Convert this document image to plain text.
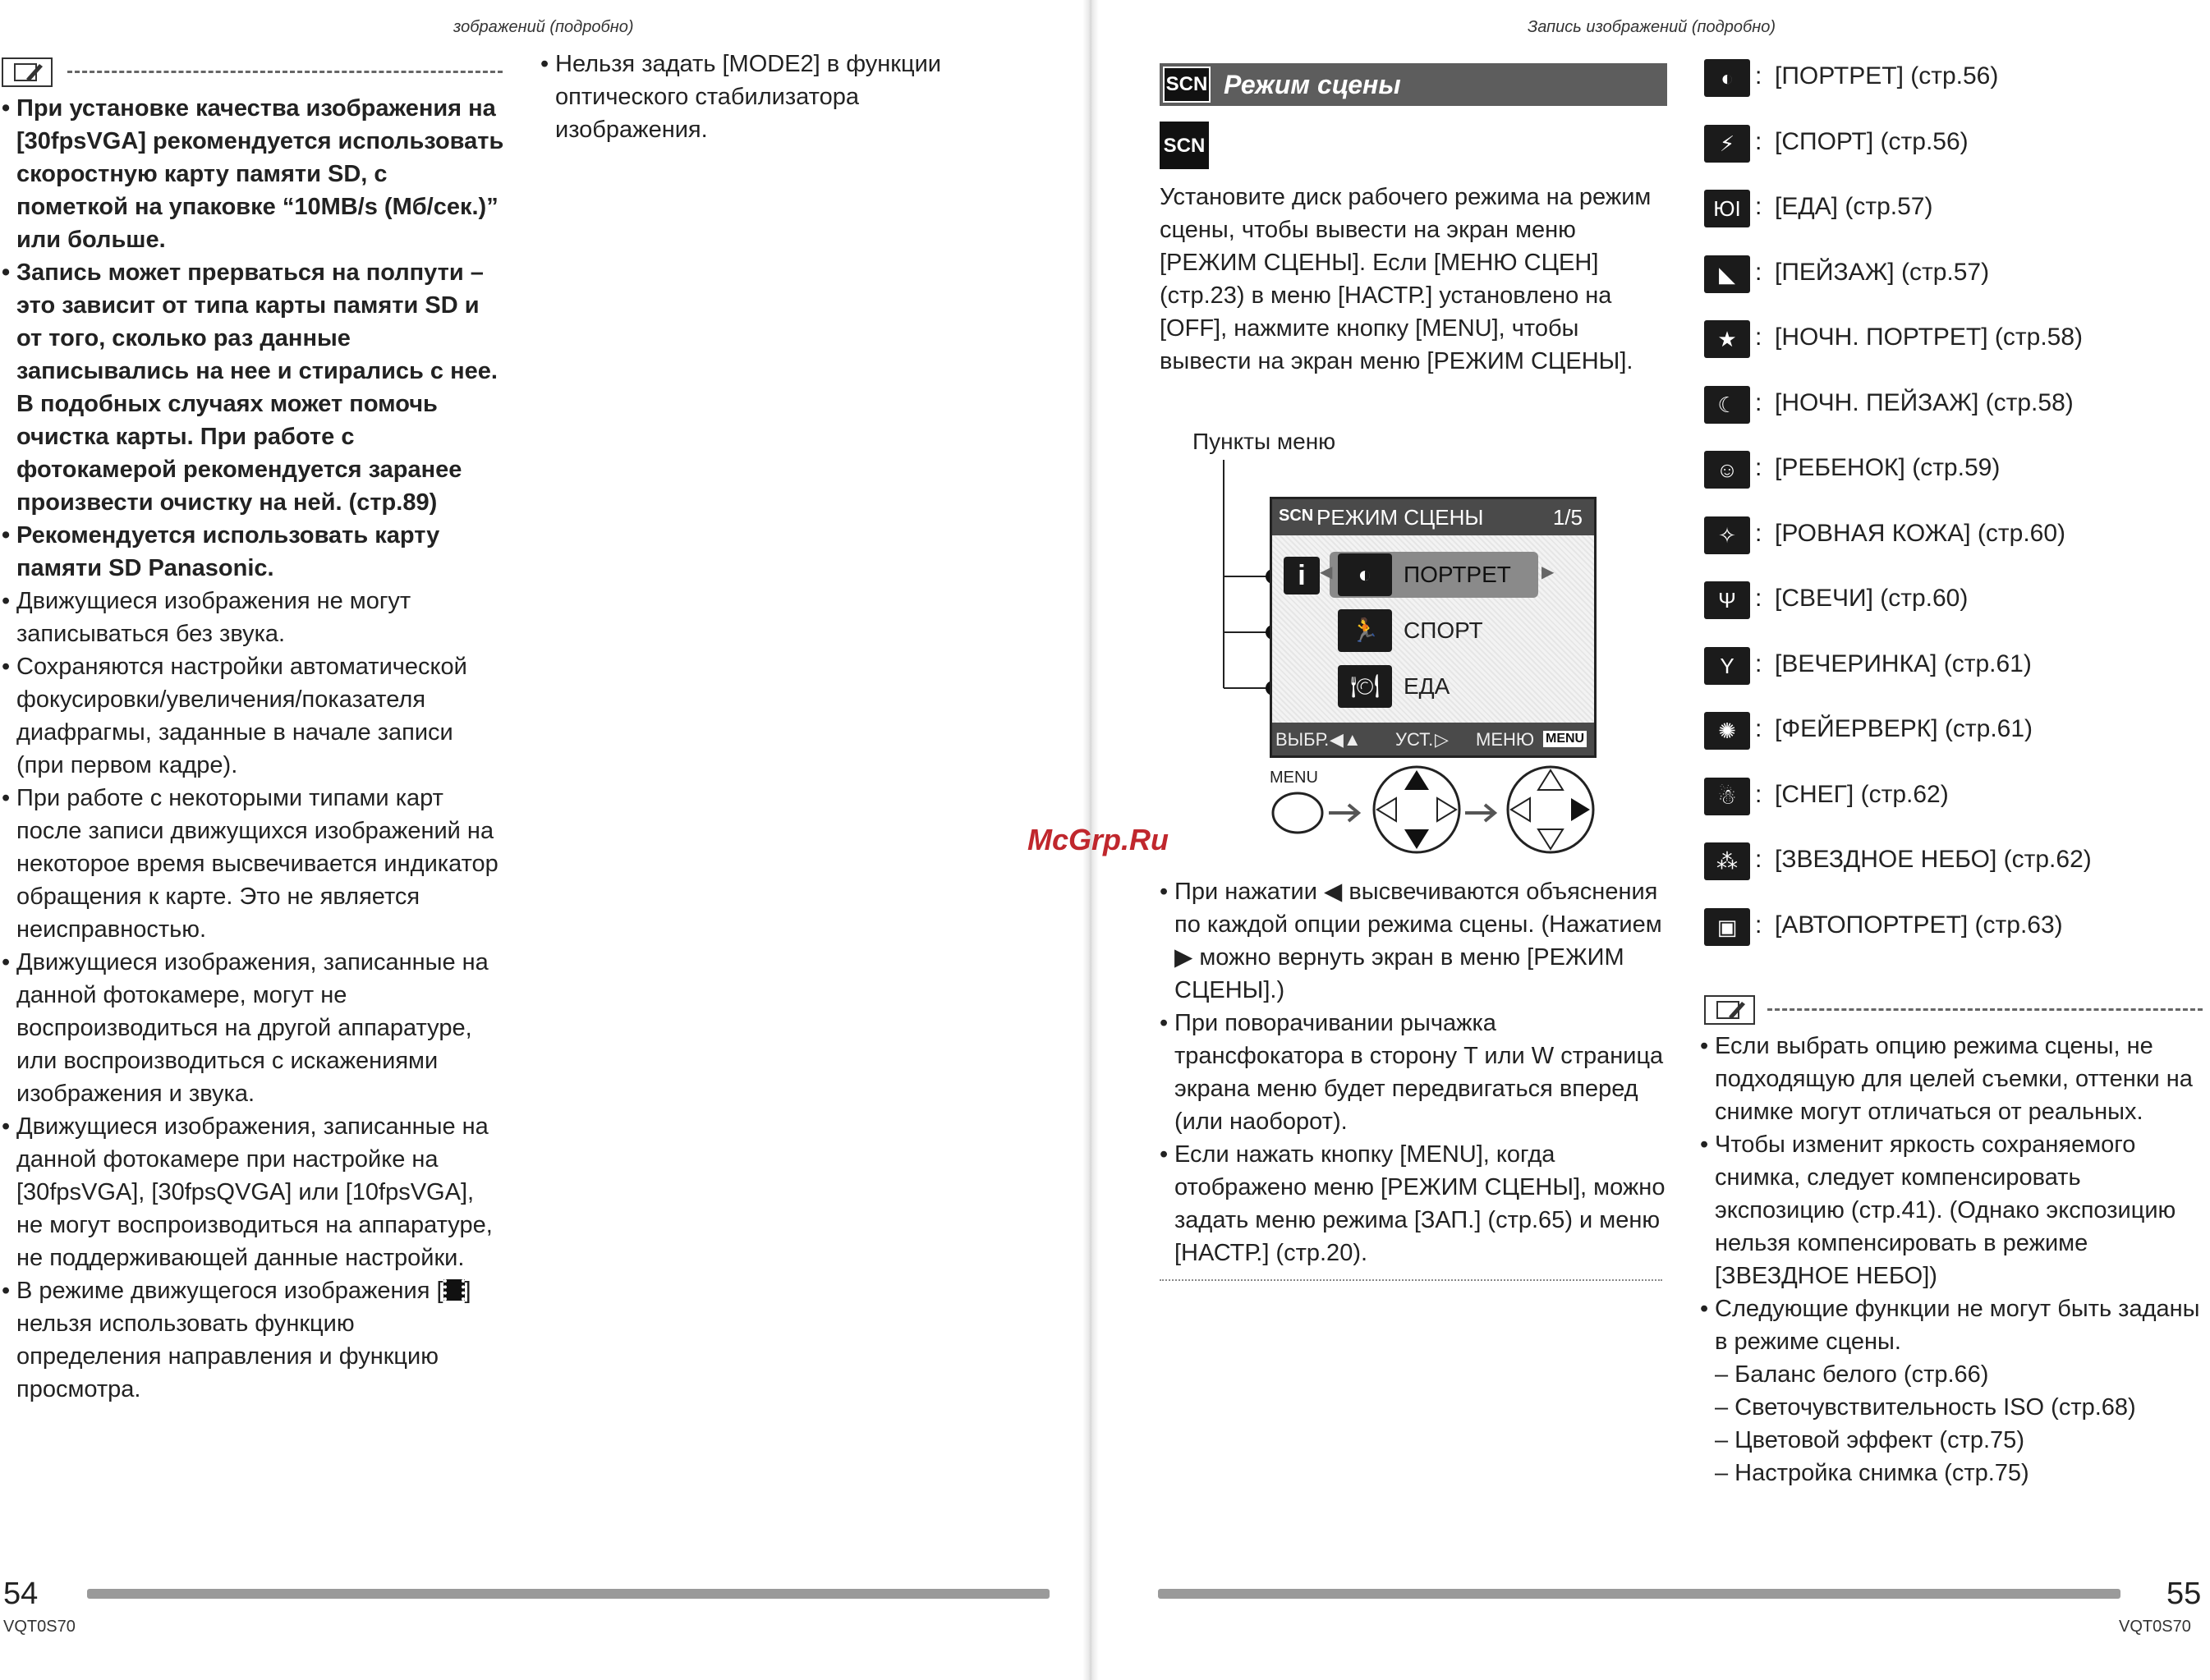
зображений (подробно)
• При установке качества изображения на [30fpsVGA] рекомендуется использовать скоростную карту памяти SD, с пометкой на упаковке “10MB/s (Мб/сек.)” или больше.
• Запись может прерваться на полпути – это зависит от типа карты памяти SD и от того, сколько раз данные записывались на нее и стирались с нее. В подобных случаях может помочь очистка карты. При работе с фотокамерой рекомендуется заранее произвести очистку на ней. (стр.89)
• Рекомендуется использовать карту памяти SD Panasonic.
• Движущиеся изображения не могут записываться без звука.
• Сохраняются настройки автоматической фокусировки/увеличения/показателя диафрагмы, заданные в начале записи (при первом кадре).
• При работе с некоторыми типами карт после записи движущихся изображений на некоторое время высвечивается индикатор обращения к карте. Это не является неисправностью.
• Движущиеся изображения, записанные на данной фотокамере, могут не воспроизводиться на другой аппаратуре, или воспроизводиться с искажениями изображения и звука.
• Движущиеся изображения, записанные на данной фотокамере при настройке на [30fpsVGA], [30fpsQVGA] или [10fpsVGA], не могут воспроизводиться на аппаратуре, не поддерживающей данные настройки.
• В режиме движущегося изображения [ ] нельзя использовать функцию определения направления и функцию просмотра.
• Нельзя задать [MODE2] в функции оптического стабилизатора изображения.
54
VQT0S70
Запись изображений (подробно)
SCN Режим сцены
SCN
Установите диск рабочего режима на режим сцены, чтобы вывести на экран меню [РЕЖИМ СЦЕНЫ]. Если [МЕНЮ СЦЕН] (стр.23) в меню [НАСТР.] установлено на [OFF], нажмите кнопку [MENU], чтобы вывести на экран меню [РЕЖИМ СЦЕНЫ].
Пункты меню
SCN РЕЖИМ СЦЕНЫ	1/5
i ◀	▶
◐	ПОРТРЕТ
🏃	СПОРТ
🍽	ЕДА
ВЫБР. ◀▲ УСТ. ▷ МЕНЮ MENU
MENU
• При нажатии ◀ высвечиваются объяснения по каждой опции режима сцены. (Нажатием ▶ можно вернуть экран в меню [РЕЖИМ СЦЕНЫ].)
• При поворачивании рычажка трансфокатора в сторону T или W страница экрана меню будет передвигаться вперед (или наоборот).
• Если нажать кнопку [MENU], когда отображено меню [РЕЖИМ СЦЕНЫ], можно задать меню режима [ЗАП.] (стр.65) и меню [НАСТР.] (стр.20).
◐ : [ПОРТРЕТ] (стр.56)
⚡ : [СПОРТ] (стр.56)
ЮI : [ЕДА] (стр.57)
◣ : [ПЕЙЗАЖ] (стр.57)
★ : [НОЧН. ПОРТРЕТ] (стр.58)
☾ : [НОЧН. ПЕЙЗАЖ] (стр.58)
☺ : [РЕБЕНОК] (стр.59)
✧ : [РОВНАЯ КОЖА] (стр.60)
Ψ : [СВЕЧИ] (стр.60)
Y : [ВЕЧЕРИНКА] (стр.61)
✺ : [ФЕЙЕРВЕРК] (стр.61)
☃ : [СНЕГ] (стр.62)
⁂ : [ЗВЕЗДНОЕ НЕБО] (стр.62)
▣ : [АВТОПОРТРЕТ] (стр.63)
• Если выбрать опцию режима сцены, не подходящую для целей съемки, оттенки на снимке могут отличаться от реальных.
• Чтобы изменит яркость сохраняемого снимка, следует компенсировать экспозицию (стр.41). (Однако экспозицию нельзя компенсировать в режиме [ЗВЕЗДНОЕ НЕБО])
• Следующие функции не могут быть заданы в режиме сцены.
– Баланс белого (стр.66)
– Светочувствительность ISO (стр.68)
– Цветовой эффект (стр.75)
– Настройка снимка (стр.75)
55
VQT0S70
McGrp.Ru
